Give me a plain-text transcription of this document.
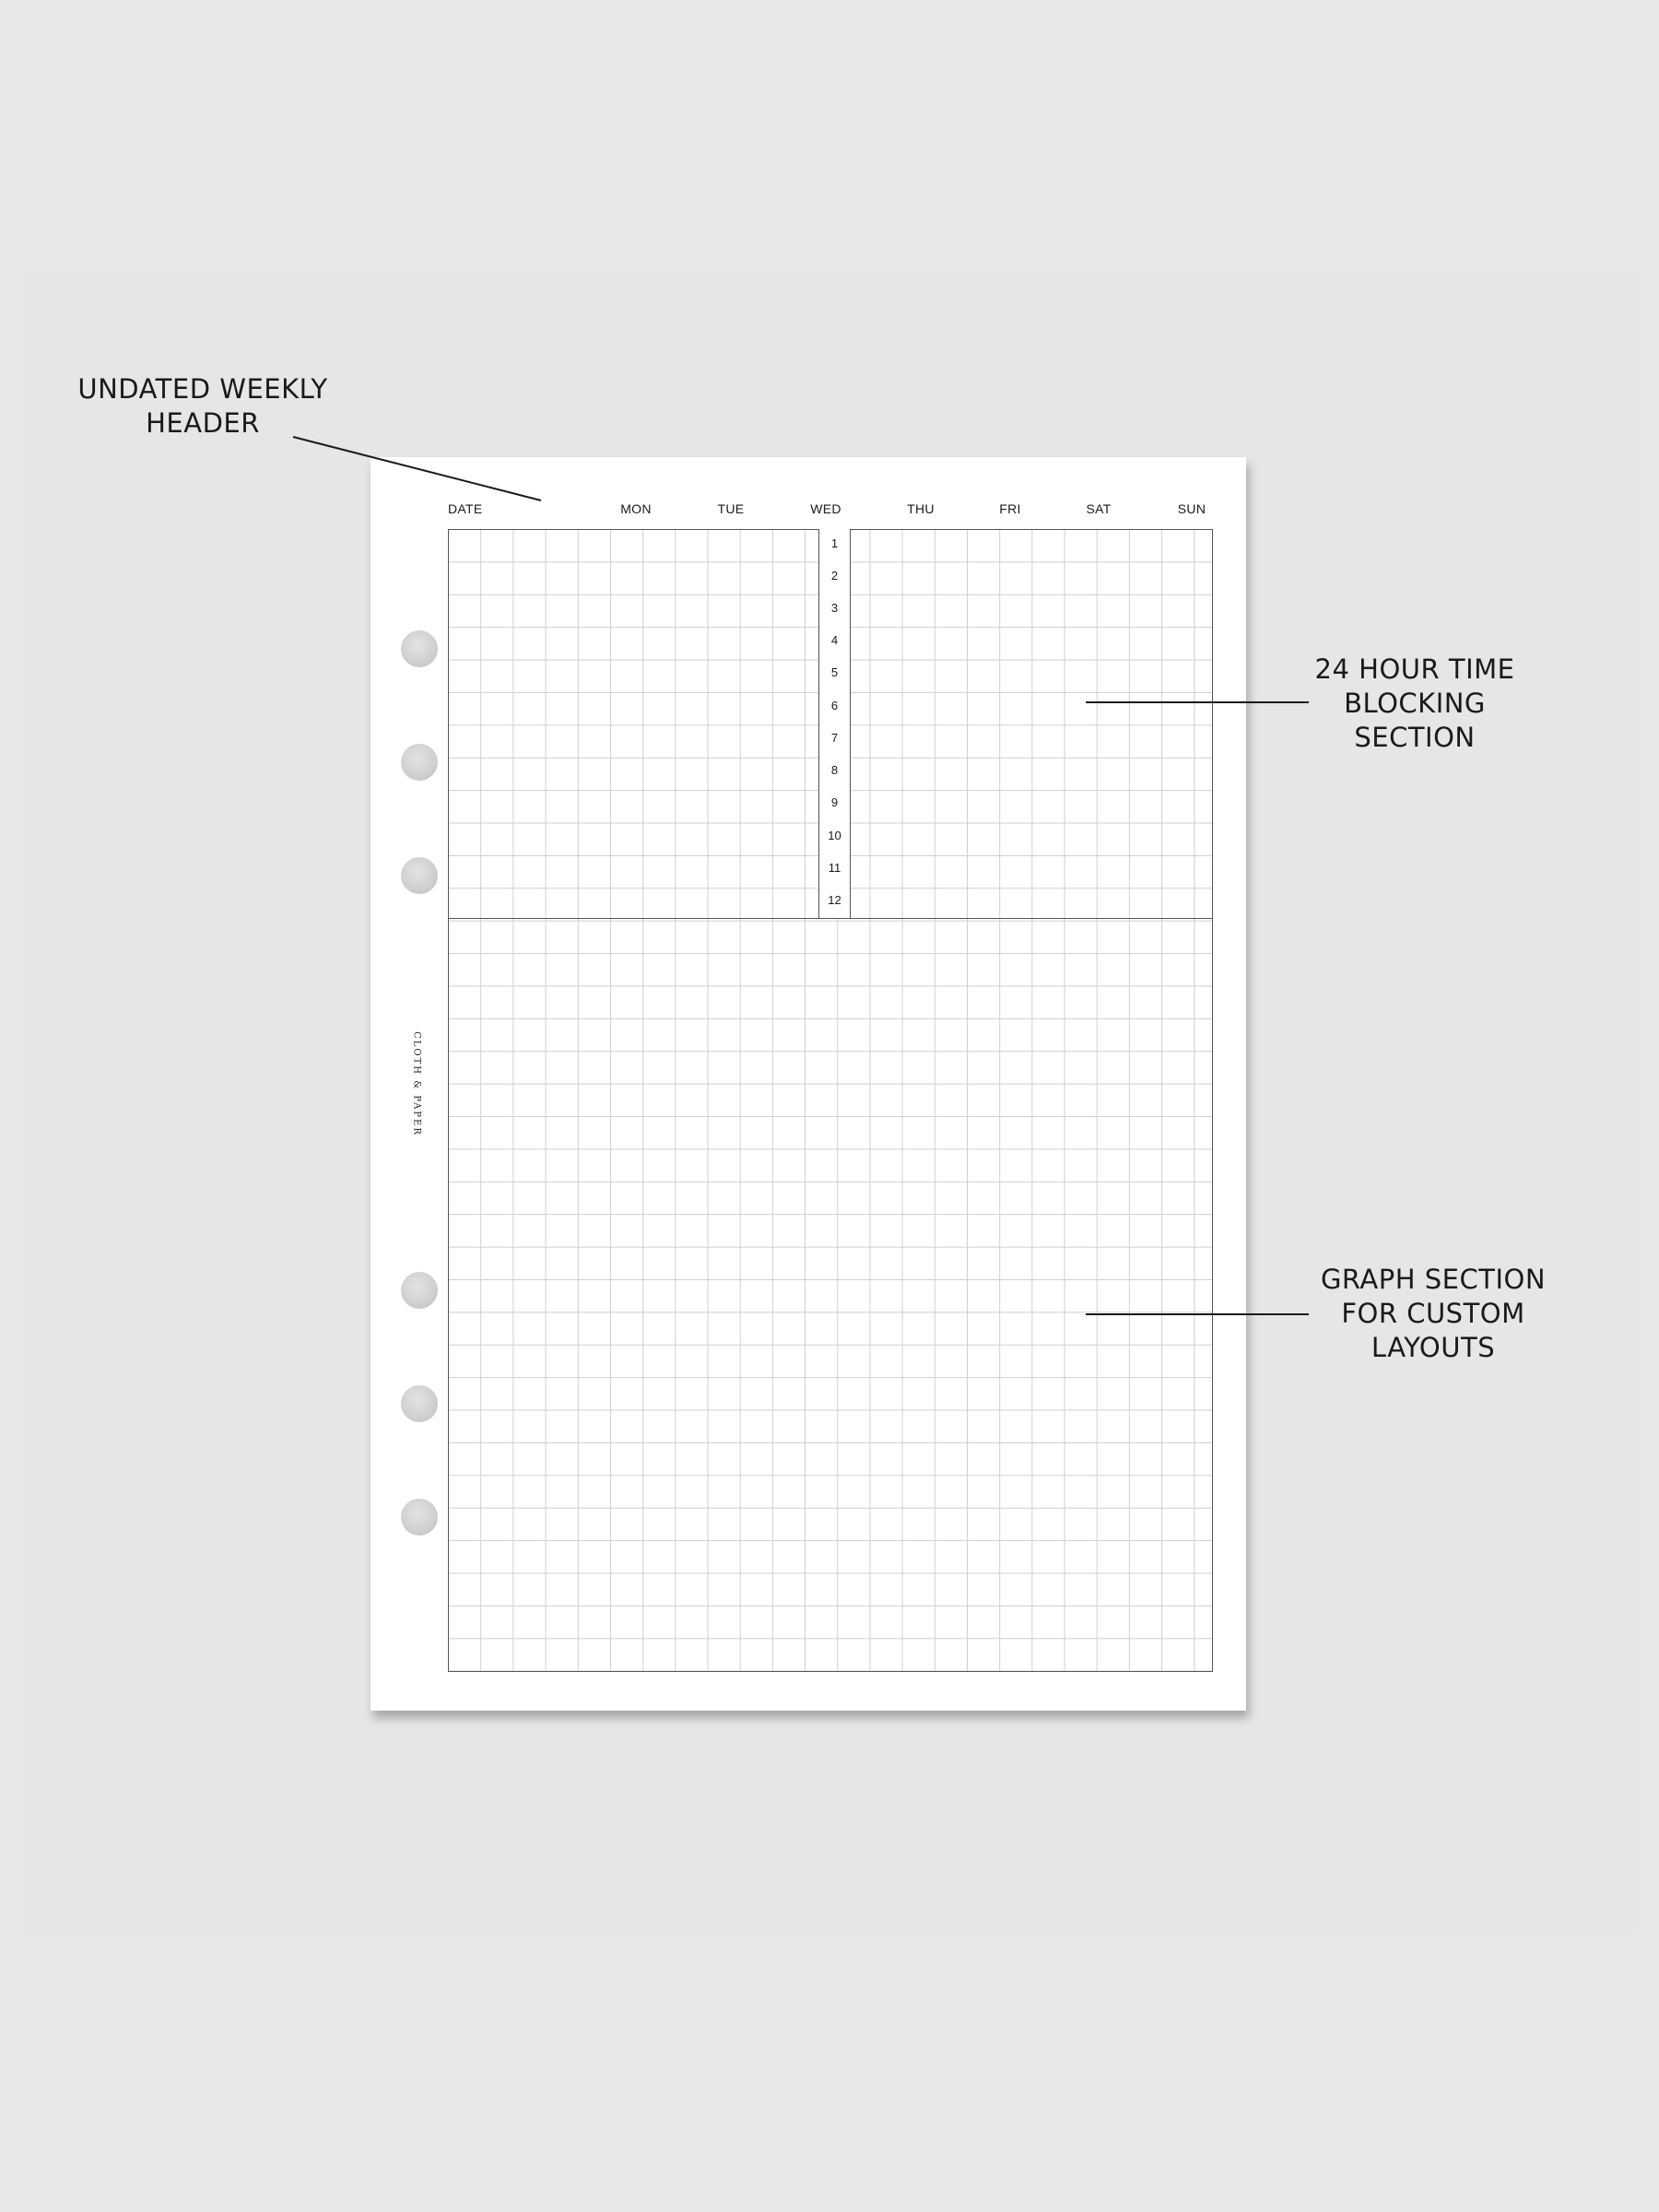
UNDATED WEEKLY
HEADER
24 HOUR TIME
BLOCKING
SECTION
GRAPH SECTION
FOR CUSTOM
LAYOUTS
CLOTH & PAPER
DATE	MON	TUE	WED	THU	FRI	SAT	SUN
1
2
3
4
5
6
7
8
9
10
11
12
